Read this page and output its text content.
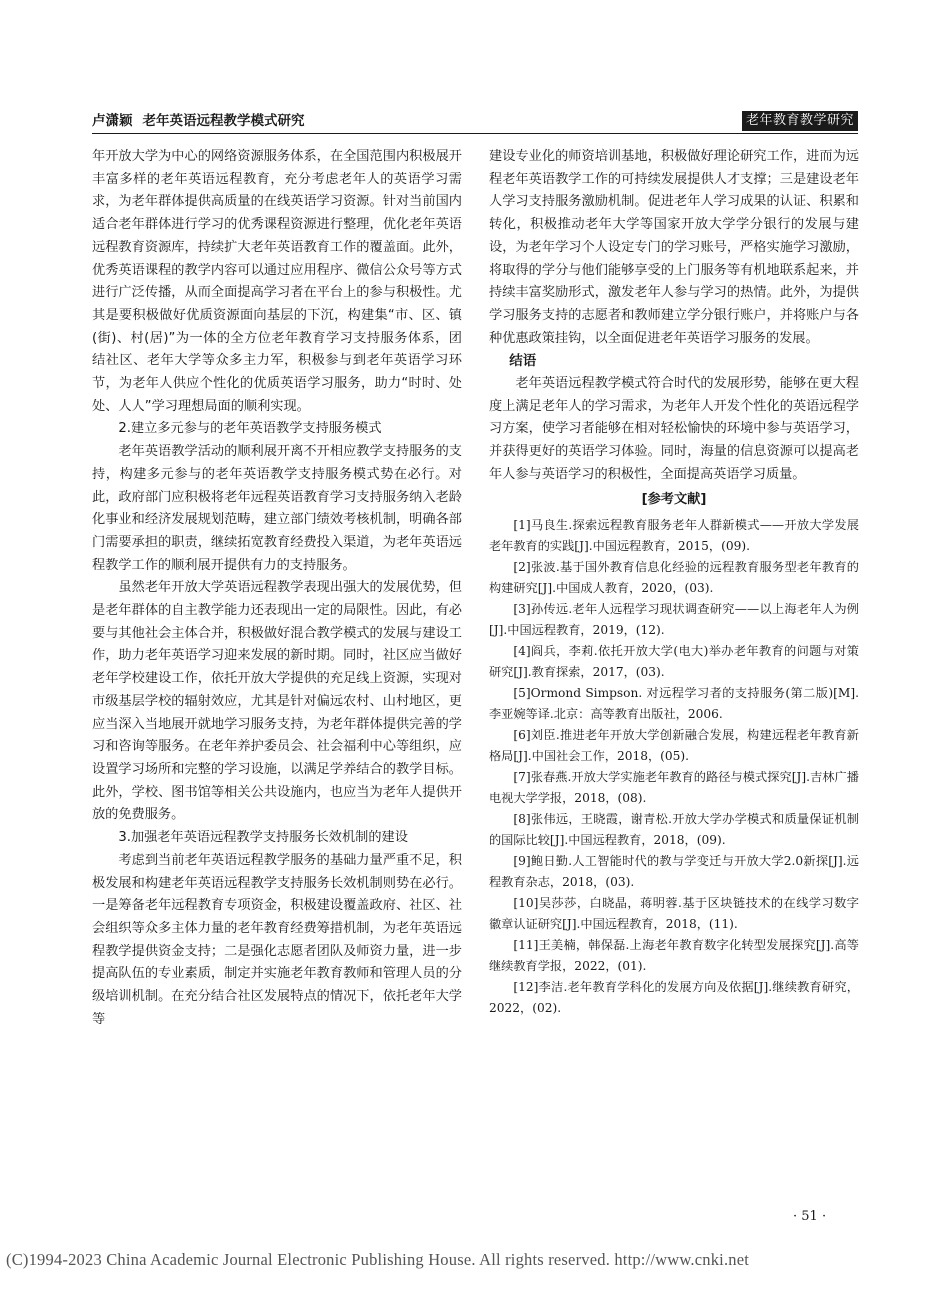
卢潇颖 老年英语远程教学模式研究	老年教育教学研究

年开放大学为中心的网络资源服务体系，在全国范围内积极展开丰富多样的老年英语远程教育，充分考虑老年人的英语学习需求，为老年群体提供高质量的在线英语学习资源。针对当前国内适合老年群体进行学习的优秀课程资源进行整理，优化老年英语远程教育资源库，持续扩大老年英语教育工作的覆盖面。此外，优秀英语课程的教学内容可以通过应用程序、微信公众号等方式进行广泛传播，从而全面提高学习者在平台上的参与积极性。尤其是要积极做好优质资源面向基层的下沉，构建集“市、区、镇(街)、村(居)”为一体的全方位老年教育学习支持服务体系，团结社区、老年大学等众多主力军，积极参与到老年英语学习环节，为老年人供应个性化的优质英语学习服务，助力“时时、处处、人人”学习理想局面的顺利实现。

2.建立多元参与的老年英语教学支持服务模式

老年英语教学活动的顺利展开离不开相应教学支持服务的支持，构建多元参与的老年英语教学支持服务模式势在必行。对此，政府部门应积极将老年远程英语教育学习支持服务纳入老龄化事业和经济发展规划范畴，建立部门绩效考核机制，明确各部门需要承担的职责，继续拓宽教育经费投入渠道，为老年英语远程教学工作的顺利展开提供有力的支持服务。

虽然老年开放大学英语远程教学表现出强大的发展优势，但是老年群体的自主教学能力还表现出一定的局限性。因此，有必要与其他社会主体合并，积极做好混合教学模式的发展与建设工作，助力老年英语学习迎来发展的新时期。同时，社区应当做好老年学校建设工作，依托开放大学提供的充足线上资源，实现对市级基层学校的辐射效应，尤其是针对偏远农村、山村地区，更应当深入当地展开就地学习服务支持，为老年群体提供完善的学习和咨询等服务。在老年养护委员会、社会福利中心等组织，应设置学习场所和完整的学习设施，以满足学养结合的教学目标。此外，学校、图书馆等相关公共设施内，也应当为老年人提供开放的免费服务。

3.加强老年英语远程教学支持服务长效机制的建设

考虑到当前老年英语远程教学服务的基础力量严重不足，积极发展和构建老年英语远程教学支持服务长效机制则势在必行。一是筹备老年远程教育专项资金，积极建设覆盖政府、社区、社会组织等众多主体力量的老年教育经费筹措机制，为老年英语远程教学提供资金支持；二是强化志愿者团队及师资力量，进一步提高队伍的专业素质，制定并实施老年教育教师和管理人员的分级培训机制。在充分结合社区发展特点的情况下，依托老年大学等

建设专业化的师资培训基地，积极做好理论研究工作，进而为远程老年英语教学工作的可持续发展提供人才支撑；三是建设老年人学习支持服务激励机制。促进老年人学习成果的认证、积累和转化，积极推动老年大学等国家开放大学学分银行的发展与建设，为老年学习个人设定专门的学习账号，严格实施学习激励，将取得的学分与他们能够享受的上门服务等有机地联系起来，并持续丰富奖励形式，激发老年人参与学习的热情。此外，为提供学习服务支持的志愿者和教师建立学分银行账户，并将账户与各种优惠政策挂钩，以全面促进老年英语学习服务的发展。

结语

老年英语远程教学模式符合时代的发展形势，能够在更大程度上满足老年人的学习需求，为老年人开发个性化的英语远程学习方案，使学习者能够在相对轻松愉快的环境中参与英语学习，并获得更好的英语学习体验。同时，海量的信息资源可以提高老年人参与英语学习的积极性，全面提高英语学习质量。

[参考文献]

[1]马良生.探索远程教育服务老年人群新模式——开放大学发展老年教育的实践[J].中国远程教育，2015，(09).

[2]张波.基于国外教育信息化经验的远程教育服务型老年教育的构建研究[J].中国成人教育，2020，(03).

[3]孙传远.老年人远程学习现状调查研究——以上海老年人为例[J].中国远程教育，2019，(12).

[4]阎兵，李莉.依托开放大学(电大)举办老年教育的问题与对策研究[J].教育探索，2017，(03).

[5]Ormond Simpson. 对远程学习者的支持服务(第二版)[M].李亚婉等译.北京：高等教育出版社，2006.

[6]刘臣.推进老年开放大学创新融合发展，构建远程老年教育新格局[J].中国社会工作，2018，(05).

[7]张春燕.开放大学实施老年教育的路径与模式探究[J].吉林广播电视大学学报，2018，(08).

[8]张伟远，王晓霞，谢青松.开放大学办学模式和质量保证机制的国际比较[J].中国远程教育，2018，(09).

[9]鲍日勤.人工智能时代的教与学变迁与开放大学2.0新探[J].远程教育杂志，2018，(03).

[10]吴莎莎，白晓晶，蒋明蓉.基于区块链技术的在线学习数字徽章认证研究[J].中国远程教育，2018，(11).

[11]王美楠，韩保磊.上海老年教育数字化转型发展探究[J].高等继续教育学报，2022，(01).

[12]李洁.老年教育学科化的发展方向及依据[J].继续教育研究，2022，(02).

· 51 ·
(C)1994-2023 China Academic Journal Electronic Publishing House. All rights reserved. http://www.cnki.net
